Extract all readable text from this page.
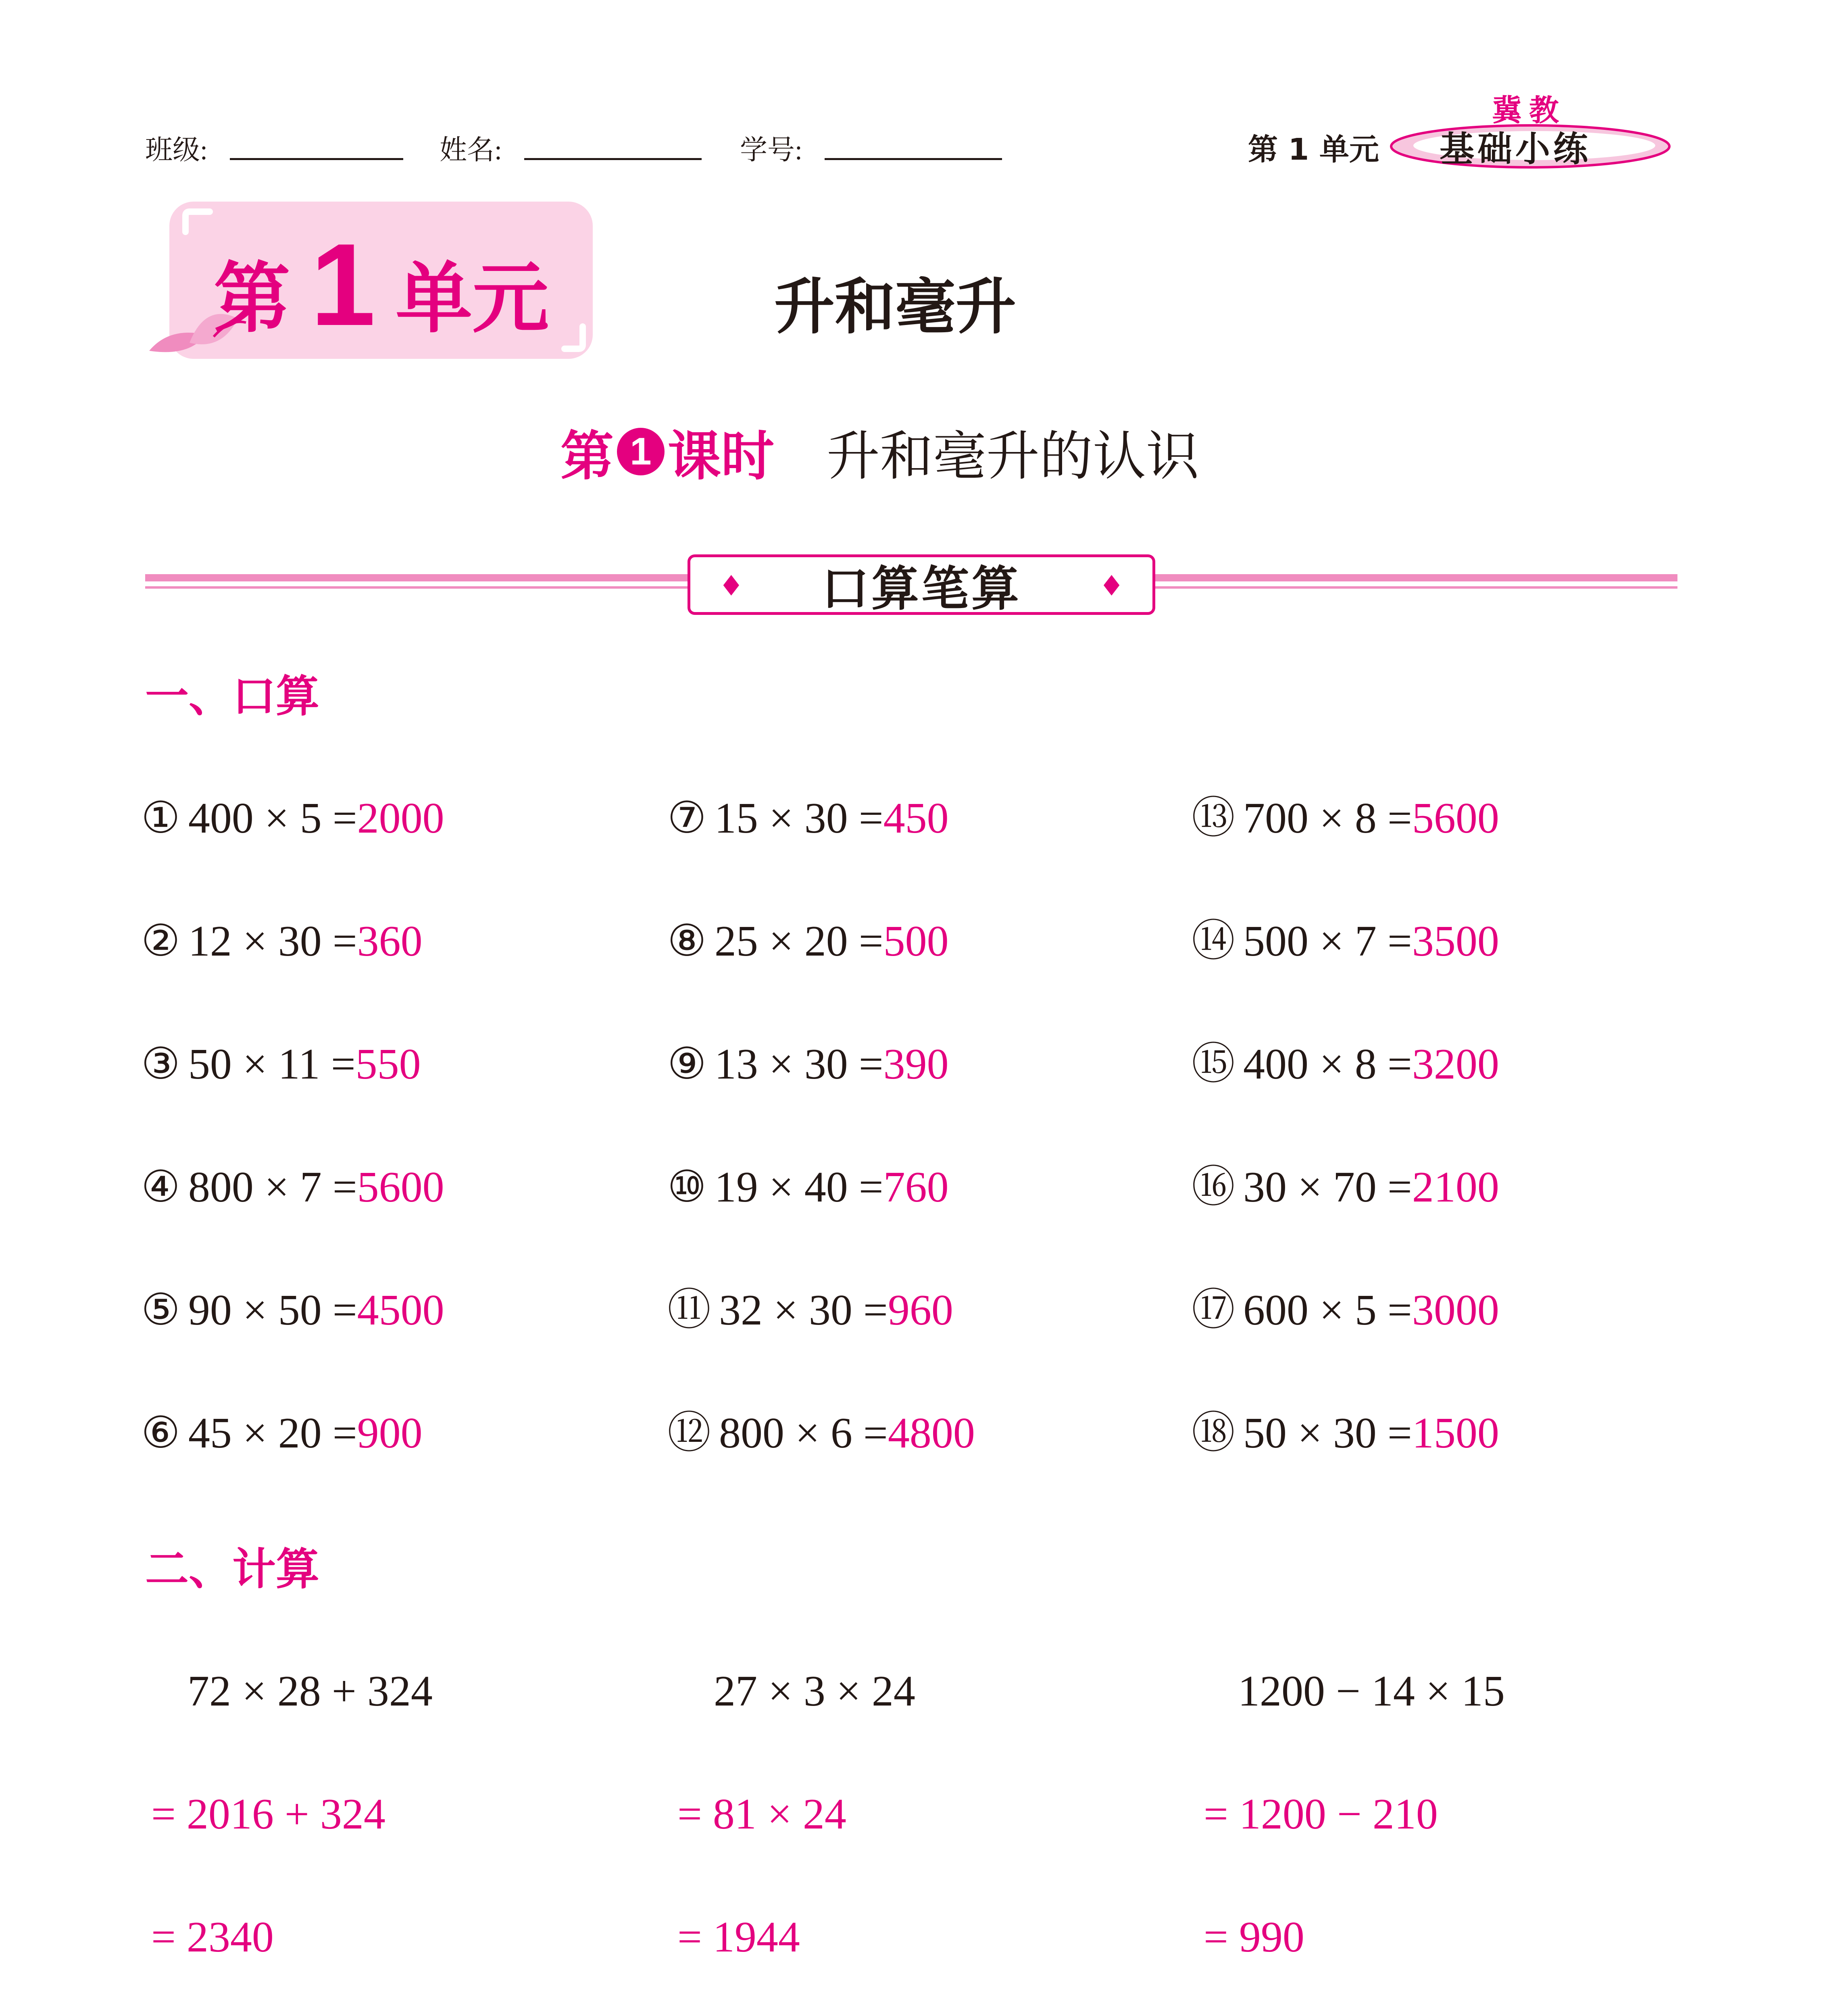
班级:	姓名:	学号:	第 1 单元
冀教
基础小练
第 1 单元	升和毫升
第 1 课时 升和毫升的认识
♦ 口算笔算	♦
一、口算
① 400 × 5 =2000
② 12 × 30 =360
③ 50 × 11 =550
④ 800 × 7 =5600
⑤ 90 × 50 =4500
⑥ 45 × 20 =900
⑦ 15 × 30 =450
⑧ 25 × 20 =500
⑨ 13 × 30 =390
⑩ 19 × 40 =760
⑪ 32 × 30 =960
⑫ 800 × 6 =4800
⑬ 700 × 8 =5600
⑭ 500 × 7 =3500
⑮ 400 × 8 =3200
⑯ 30 × 70 =2100
⑰ 600 × 5 =3000
⑱ 50 × 30 =1500
二、计算
72 × 28 + 324
= 2016 + 324
= 2340
27 × 3 × 24
= 81 × 24
= 1944
1200 − 14 × 15
= 1200 − 210
= 990
